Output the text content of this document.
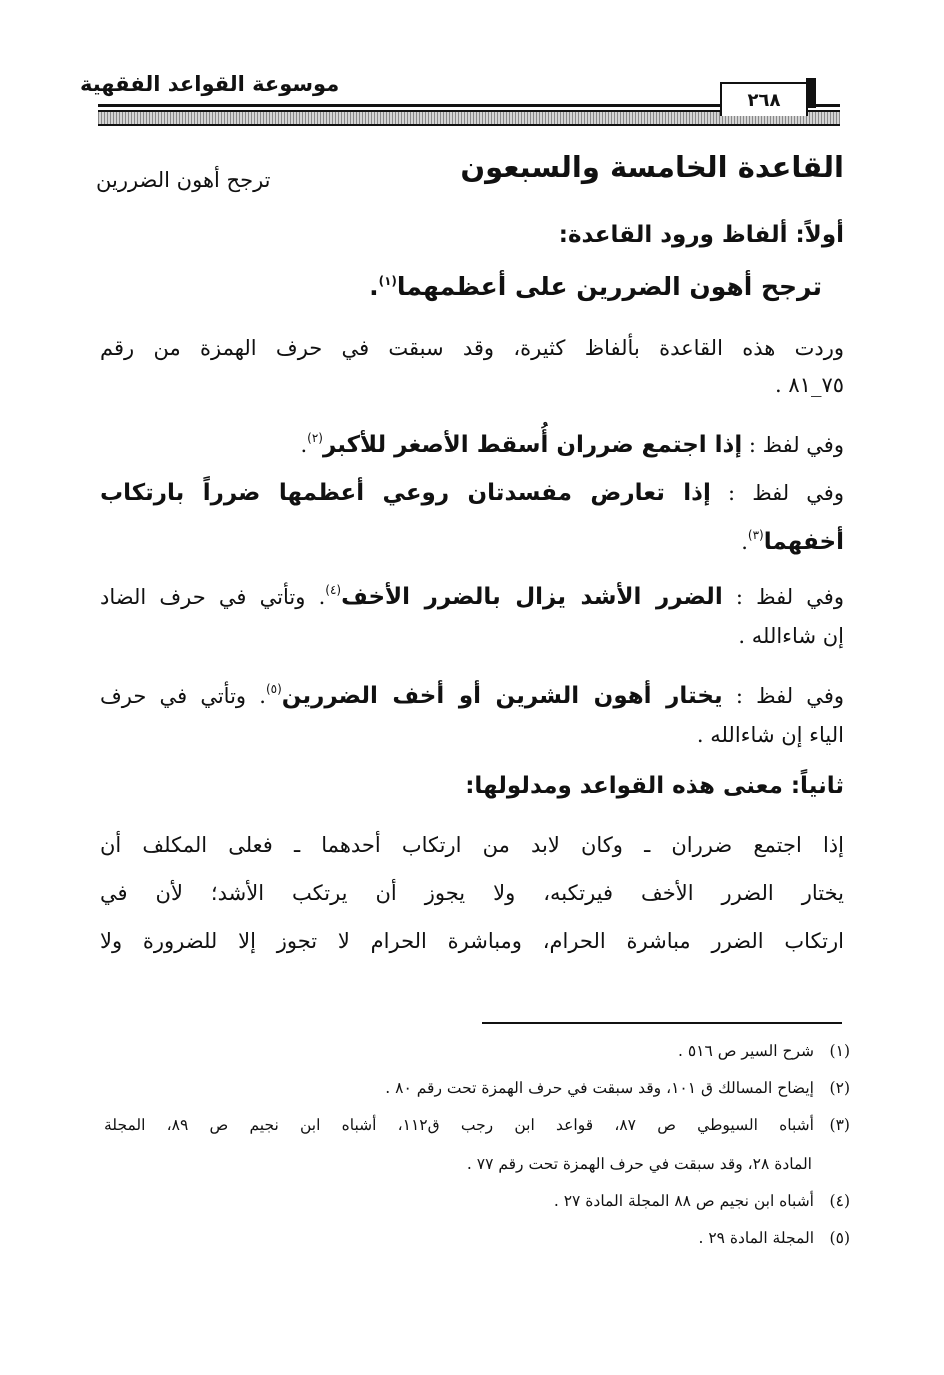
موسوعة القواعد الفقهية
٢٦٨
القاعدة الخامسة والسبعون
ترجح أهون الضررين
أولاً: ألفاظ ورود القاعدة:
ترجح أهون الضررين على أعظمهما$^{(١)}$.
وردت هذه القاعدة بألفاظ كثيرة، وقد سبقت في حرف الهمزة من رقم
٧٥_٨١ .
وفي لفظ : إذا اجتمع ضرران أُسقط الأصغر للأكبر$^{(٢)}$.
وفي لفظ : إذا تعارض مفسدتان روعي أعظمها ضرراً بارتكاب
أخفهما$^{(٣)}$.
وفي لفظ : الضرر الأشد يزال بالضرر الأخف$^{(٤)}$. وتأتي في حرف الضاد
إن شاءالله .
وفي لفظ : يختار أهون الشرين أو أخف الضررين$^{(٥)}$. وتأتي في حرف
الياء إن شاءالله .
ثانياً: معنى هذه القواعد ومدلولها:
إذا اجتمع ضرران ـ وكان لابد من ارتكاب أحدهما ـ فعلى المكلف أن
يختار الضرر الأخف فيرتكبه، ولا يجوز أن يرتكب الأشد؛ لأن في
ارتكاب الضرر مباشرة الحرام، ومباشرة الحرام لا تجوز إلا للضرورة ولا
(١)شرح السير ص ٥١٦ .
(٢)إيضاح المسالك ق ١٠١، وقد سبقت في حرف الهمزة تحت رقم ٨٠ .
(٣)أشباه السيوطي ص ٨٧، قواعد ابن رجب ق١١٢، أشباه ابن نجيم ص ٨٩، المجلة
المادة ٢٨، وقد سبقت في حرف الهمزة تحت رقم ٧٧ .
(٤)أشباه ابن نجيم ص ٨٨ المجلة المادة ٢٧ .
(٥)المجلة المادة ٢٩ .
